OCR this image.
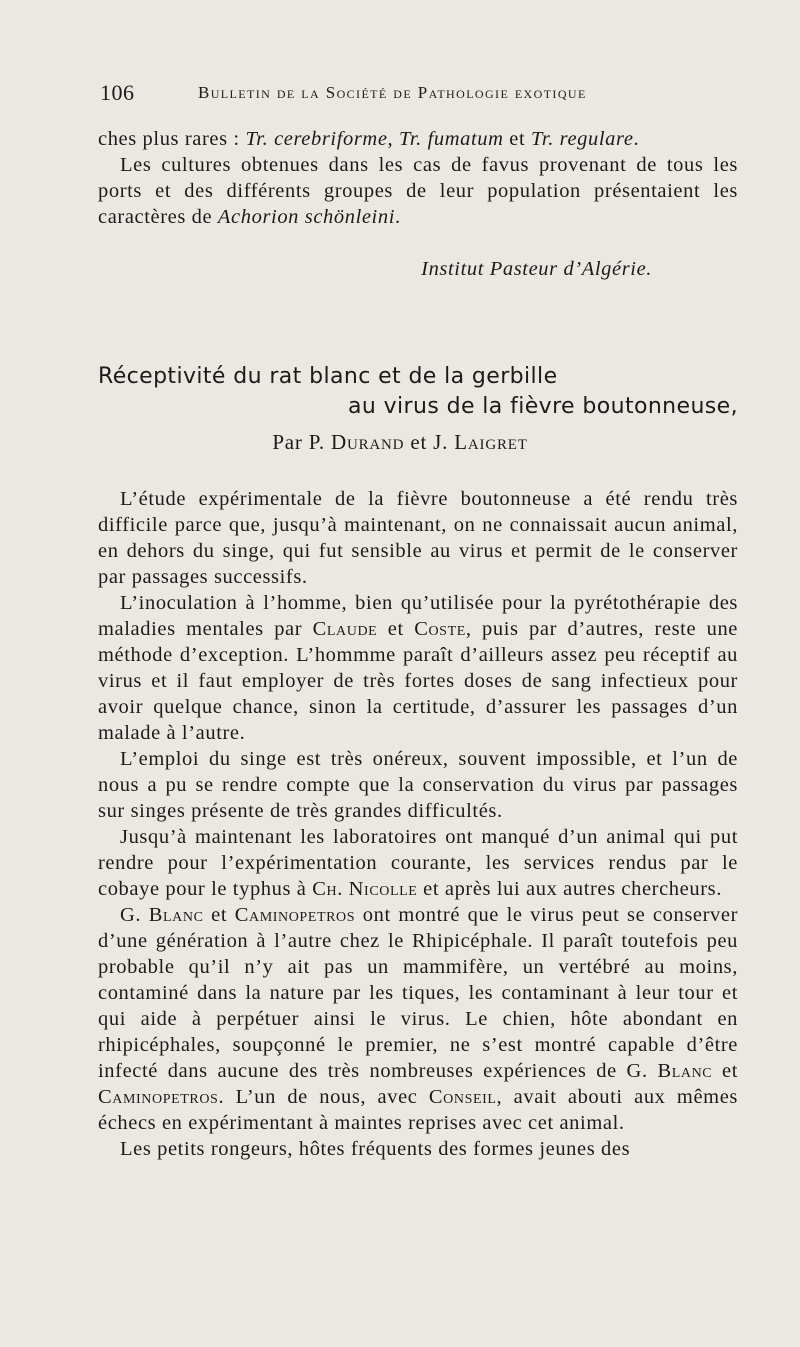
106	Bulletin de la Société de Pathologie exotique

ches plus rares : Tr. cerebriforme, Tr. fumatum et Tr. regulare.

Les cultures obtenues dans les cas de favus provenant de tous les ports et des différents groupes de leur population présentaient les caractères de Achorion schönleini.

Institut Pasteur d’Algérie.
Réceptivité du rat blanc et de la gerbille
au virus de la fièvre boutonneuse,
Par P. Durand et J. Laigret

L’étude expérimentale de la fièvre boutonneuse a été rendu très difficile parce que, jusqu’à maintenant, on ne connaissait aucun animal, en dehors du singe, qui fut sensible au virus et permit de le conserver par passages successifs.

L’inoculation à l’homme, bien qu’utilisée pour la pyrétothérapie des maladies mentales par Claude et Coste, puis par d’autres, reste une méthode d’exception. L’hommme paraît d’ailleurs assez peu réceptif au virus et il faut employer de très fortes doses de sang infectieux pour avoir quelque chance, sinon la certitude, d’assurer les passages d’un malade à l’autre.

L’emploi du singe est très onéreux, souvent impossible, et l’un de nous a pu se rendre compte que la conservation du virus par passages sur singes présente de très grandes difficultés.

Jusqu’à maintenant les laboratoires ont manqué d’un animal qui put rendre pour l’expérimentation courante, les services rendus par le cobaye pour le typhus à Ch. Nicolle et après lui aux autres chercheurs.

G. Blanc et Caminopetros ont montré que le virus peut se conserver d’une génération à l’autre chez le Rhipicéphale. Il paraît toutefois peu probable qu’il n’y ait pas un mammifère, un vertébré au moins, contaminé dans la nature par les tiques, les contaminant à leur tour et qui aide à perpétuer ainsi le virus. Le chien, hôte abondant en rhipicéphales, soupçonné le premier, ne s’est montré capable d’être infecté dans aucune des très nombreuses expériences de G. Blanc et Caminopetros. L’un de nous, avec Conseil, avait abouti aux mêmes échecs en expérimentant à maintes reprises avec cet animal.

Les petits rongeurs, hôtes fréquents des formes jeunes des
